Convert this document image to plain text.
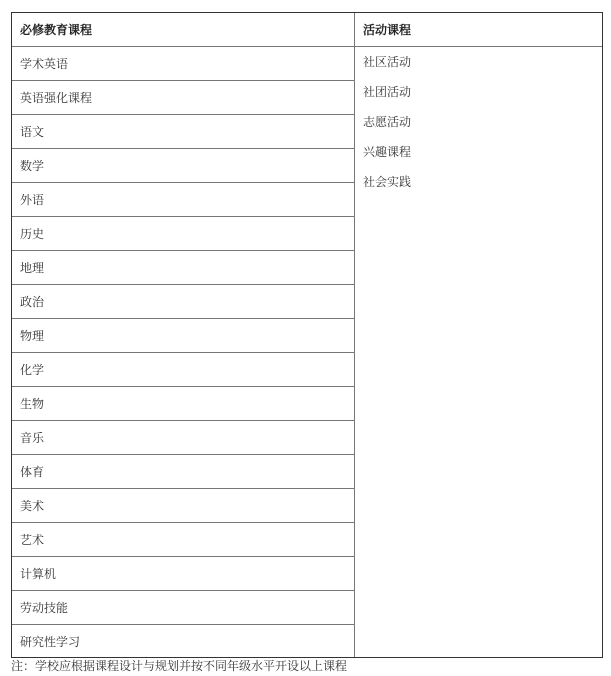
必修教育课程
学术英语
英语强化课程
语文
数学
外语
历史
地理
政治
物理
化学
生物
音乐
体育
美术
艺术
计算机
劳动技能
研究性学习
活动课程
社区活动
社团活动
志愿活动
兴趣课程
社会实践
注：学校应根据课程设计与规划并按不同年级水平开设以上课程
